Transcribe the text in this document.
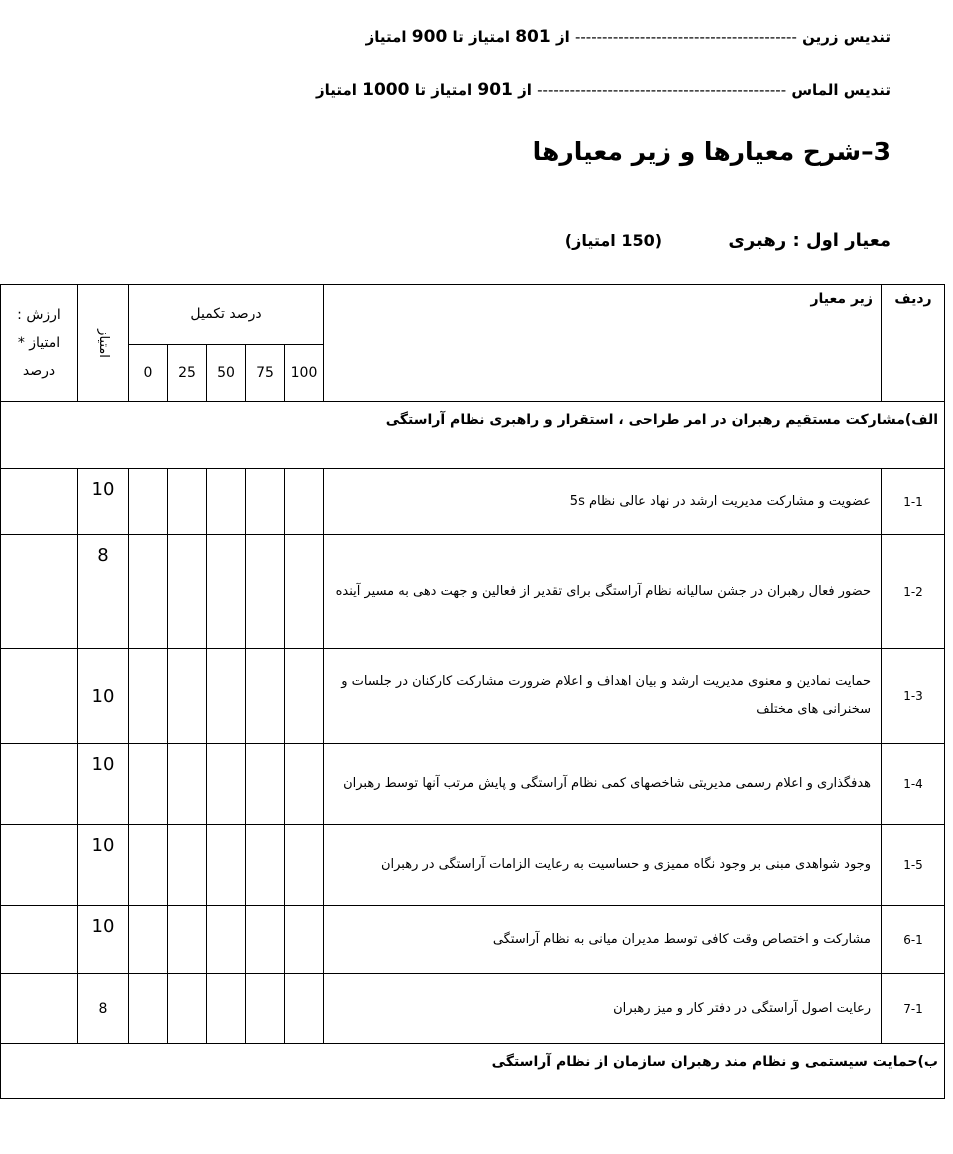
تندیس زرین ----------------------------------------- از 801 امتیاز تا 900 امتیاز
تندیس الماس ---------------------------------------------- از 901 امتیاز تا 1000 امتیاز
3–شرح معیارها و زیر معیارها
معیار اول : رهبری (150 امتیاز)
ردیف	زیر معیار	درصد تکمیل					امتیاز	ارزش :
امتیاز *
درصد

		100	75	50	25	0		
الف)مشارکت مستقیم رهبران در امر طراحی ، استقرار و راهبری نظام آراستگی								
1-1	عضویت و مشارکت مدیریت ارشد در نهاد عالی نظام 5s						10	
1-2	حضور فعال رهبران در جشن سالیانه نظام آراستگی برای تقدیر از فعالین و جهت دهی به مسیر آینده						8	
1-3	حمایت نمادین و معنوی مدیریت ارشد و بیان اهداف و اعلام ضرورت مشارکت کارکنان در جلسات و سخنرانی های مختلف						10	
1-4	هدفگذاری و اعلام رسمی مدیریتی شاخصهای کمی نظام آراستگی و پایش مرتب آنها توسط رهبران						10	
1-5	وجود شواهدی مبنی بر وجود نگاه ممیزی و حساسیت به رعایت الزامات آراستگی در رهبران						10	
6-1	مشارکت و اختصاص وقت کافی توسط مدیران میانی به نظام آراستگی						10	
7-1	رعایت اصول آراستگی در دفتر کار و میز رهبران						8	
ب)حمایت سیستمی و نظام مند رهبران سازمان از نظام آراستگی								
